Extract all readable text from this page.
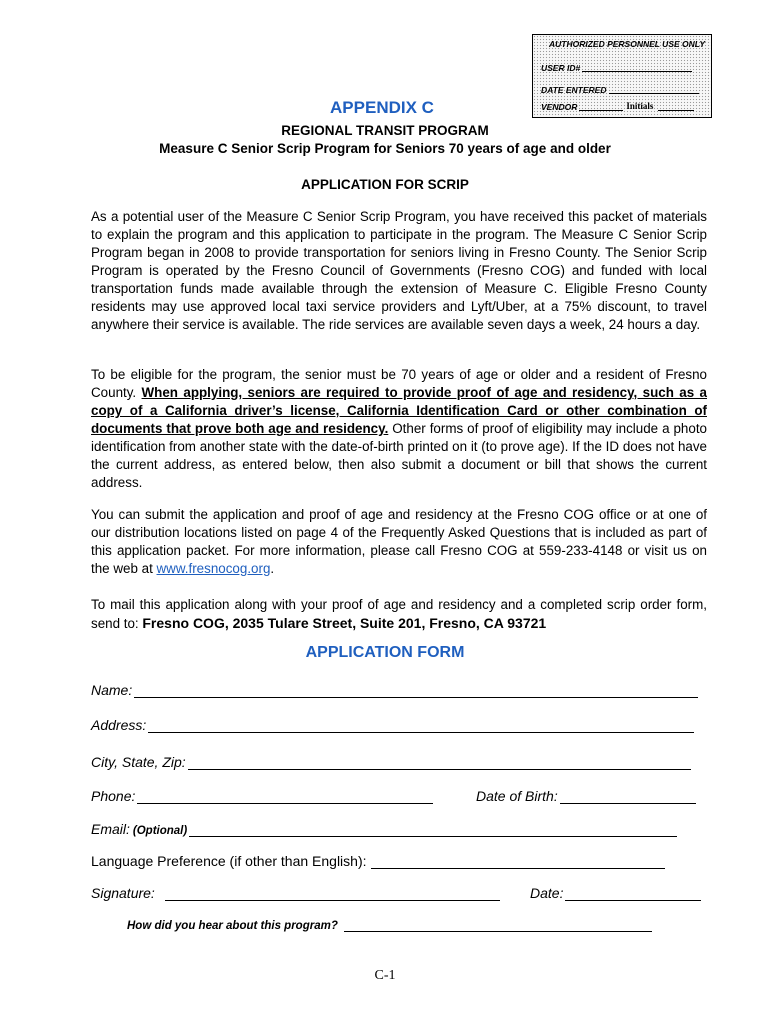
AUTHORIZED PERSONNEL USE ONLY
USER ID#
DATE ENTERED
VENDOR	Initials
APPENDIX C
REGIONAL TRANSIT PROGRAM
Measure C Senior Scrip Program for Seniors 70 years of age and older
APPLICATION FOR SCRIP
As a potential user of the Measure C Senior Scrip Program, you have received this packet of materials to explain the program and this application to participate in the program. The Measure C Senior Scrip Program began in 2008 to provide transportation for seniors living in Fresno County. The Senior Scrip Program is operated by the Fresno Council of Governments (Fresno COG) and funded with local transportation funds made available through the extension of Measure C. Eligible Fresno County residents may use approved local taxi service providers and Lyft/Uber, at a 75% discount, to travel anywhere their service is available. The ride services are available seven days a week, 24 hours a day.
To be eligible for the program, the senior must be 70 years of age or older and a resident of Fresno County. When applying, seniors are required to provide proof of age and residency, such as a copy of a California driver’s license, California Identification Card or other combination of documents that prove both age and residency. Other forms of proof of eligibility may include a photo identification from another state with the date-of-birth printed on it (to prove age). If the ID does not have the current address, as entered below, then also submit a document or bill that shows the current address.
You can submit the application and proof of age and residency at the Fresno COG office or at one of our distribution locations listed on page 4 of the Frequently Asked Questions that is included as part of this application packet. For more information, please call Fresno COG at 559-233-4148 or visit us on the web at www.fresnocog.org.
To mail this application along with your proof of age and residency and a completed scrip order form, send to: Fresno COG, 2035 Tulare Street, Suite 201, Fresno, CA 93721
APPLICATION FORM
Name:
Address:
City, State, Zip:
Phone:	Date of Birth:
Email: (Optional)
Language Preference (if other than English):
Signature:	Date:
How did you hear about this program?
C-1
